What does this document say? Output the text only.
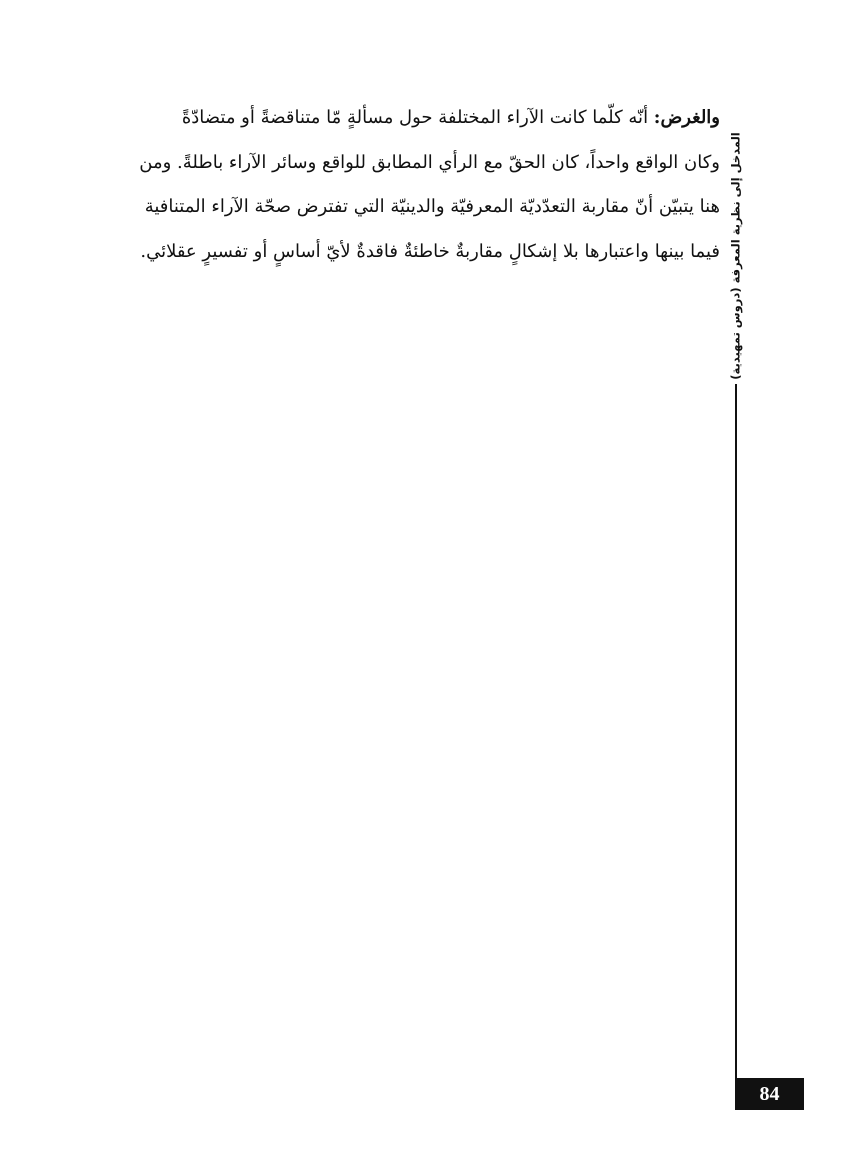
والغرض: أنّه كلّما كانت الآراء المختلفة حول مسألةٍ مّا متناقضةً أو متضادّةً
وكان الواقع واحداً، كان الحقّ مع الرأي المطابق للواقع وسائر الآراء باطلةً. ومن
هنا يتبيّن أنّ مقاربة التعدّديّة المعرفيّة والدينيّة التي تفترض صحّة الآراء المتنافية
فيما بينها واعتبارها بلا إشكالٍ مقاربةٌ خاطئةٌ فاقدةٌ لأيّ أساسٍ أو تفسيرٍ عقلائي. المدخل إلى نظرية المعرفة (دروس تمهيدية)
84
